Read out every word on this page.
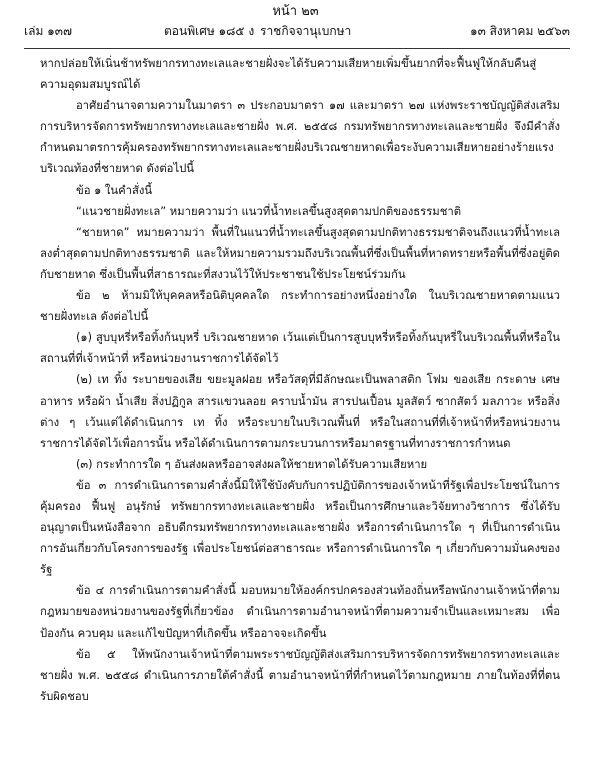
หน้า ๒๓
เล่ม ๑๓๗	ตอนพิเศษ ๑๘๕ ง ราชกิจจานุเบกษา	๑๓ สิงหาคม ๒๕๖๓

หากปล่อยให้เนิ่นช้าทรัพยากรทางทะเลและชายฝั่งจะได้รับความเสียหายเพิ่มขึ้นยากที่จะฟื้นฟูให้กลับคืนสู่ความอุดมสมบูรณ์ได้

อาศัยอำนาจตามความในมาตรา ๓ ประกอบมาตรา ๑๗ และมาตรา ๒๗ แห่งพระราชบัญญัติส่งเสริมการบริหารจัดการทรัพยากรทางทะเลและชายฝั่ง พ.ศ. ๒๕๕๘ กรมทรัพยากรทางทะเลและชายฝั่ง จึงมีคำสั่งกำหนดมาตรการคุ้มครองทรัพยากรทางทะเลและชายฝั่งบริเวณชายหาดเพื่อระงับความเสียหายอย่างร้ายแรงบริเวณท้องที่ชายหาด ดังต่อไปนี้

ข้อ ๑ ในคำสั่งนี้

“แนวชายฝั่งทะเล” หมายความว่า แนวที่น้ำทะเลขึ้นสูงสุดตามปกติของธรรมชาติ

“ชายหาด” หมายความว่า พื้นที่ในแนวที่น้ำทะเลขึ้นสูงสุดตามปกติทางธรรมชาติจนถึงแนวที่น้ำทะเลลงต่ำสุดตามปกติทางธรรมชาติ และให้หมายความรวมถึงบริเวณพื้นที่ซึ่งเป็นพื้นที่หาดทรายหรือพื้นที่ซึ่งอยู่ติดกับชายหาด ซึ่งเป็นพื้นที่สาธารณะที่สงวนไว้ให้ประชาชนใช้ประโยชน์ร่วมกัน

ข้อ ๒ ห้ามมิให้บุคคลหรือนิติบุคคลใด กระทำการอย่างหนึ่งอย่างใด ในบริเวณชายหาดตามแนวชายฝั่งทะเล ดังต่อไปนี้

(๑) สูบบุหรี่หรือทิ้งก้นบุหรี่ บริเวณชายหาด เว้นแต่เป็นการสูบบุหรี่หรือทิ้งก้นบุหรี่ในบริเวณพื้นที่หรือในสถานที่ที่เจ้าหน้าที่ หรือหน่วยงานราชการได้จัดไว้

(๒) เท ทิ้ง ระบายของเสีย ขยะมูลฝอย หรือวัสดุที่มีลักษณะเป็นพลาสติก โฟม ของเสีย กระดาษ เศษอาหาร หรือผ้า น้ำเสีย สิ่งปฏิกูล สารแขวนลอย คราบน้ำมัน สารปนเปื้อน มูลสัตว์ ซากสัตว์ มลภาวะ หรือสิ่งต่าง ๆ เว้นแต่ได้ดำเนินการ เท ทิ้ง หรือระบายในบริเวณพื้นที่ หรือในสถานที่ที่เจ้าหน้าที่หรือหน่วยงานราชการได้จัดไว้เพื่อการนั้น หรือได้ดำเนินการตามกระบวนการหรือมาตรฐานที่ทางราชการกำหนด

(๓) กระทำการใด ๆ อันส่งผลหรืออาจส่งผลให้ชายหาดได้รับความเสียหาย

ข้อ ๓ การดำเนินการตามคำสั่งนี้มิให้ใช้บังคับกับการปฏิบัติการของเจ้าหน้าที่รัฐเพื่อประโยชน์ในการคุ้มครอง ฟื้นฟู อนุรักษ์ ทรัพยากรทางทะเลและชายฝั่ง หรือเป็นการศึกษาและวิจัยทางวิชาการ ซึ่งได้รับอนุญาตเป็นหนังสือจาก อธิบดีกรมทรัพยากรทางทะเลและชายฝั่ง หรือการดำเนินการใด ๆ ที่เป็นการดำเนินการอันเกี่ยวกับโครงการของรัฐ เพื่อประโยชน์ต่อสาธารณะ หรือการดำเนินการใด ๆ เกี่ยวกับความมั่นคงของรัฐ

ข้อ ๔ การดำเนินการตามคำสั่งนี้ มอบหมายให้องค์กรปกครองส่วนท้องถิ่นหรือพนักงานเจ้าหน้าที่ตามกฎหมายของหน่วยงานของรัฐที่เกี่ยวข้อง ดำเนินการตามอำนาจหน้าที่ตามความจำเป็นและเหมาะสม เพื่อป้องกัน ควบคุม และแก้ไขปัญหาที่เกิดขึ้น หรืออาจจะเกิดขึ้น

ข้อ ๕ ให้พนักงานเจ้าหน้าที่ตามพระราชบัญญัติส่งเสริมการบริหารจัดการทรัพยากรทางทะเลและชายฝั่ง พ.ศ. ๒๕๕๘ ดำเนินการภายใต้คำสั่งนี้ ตามอำนาจหน้าที่ที่กำหนดไว้ตามกฎหมาย ภายในท้องที่ที่ตนรับผิดชอบ
